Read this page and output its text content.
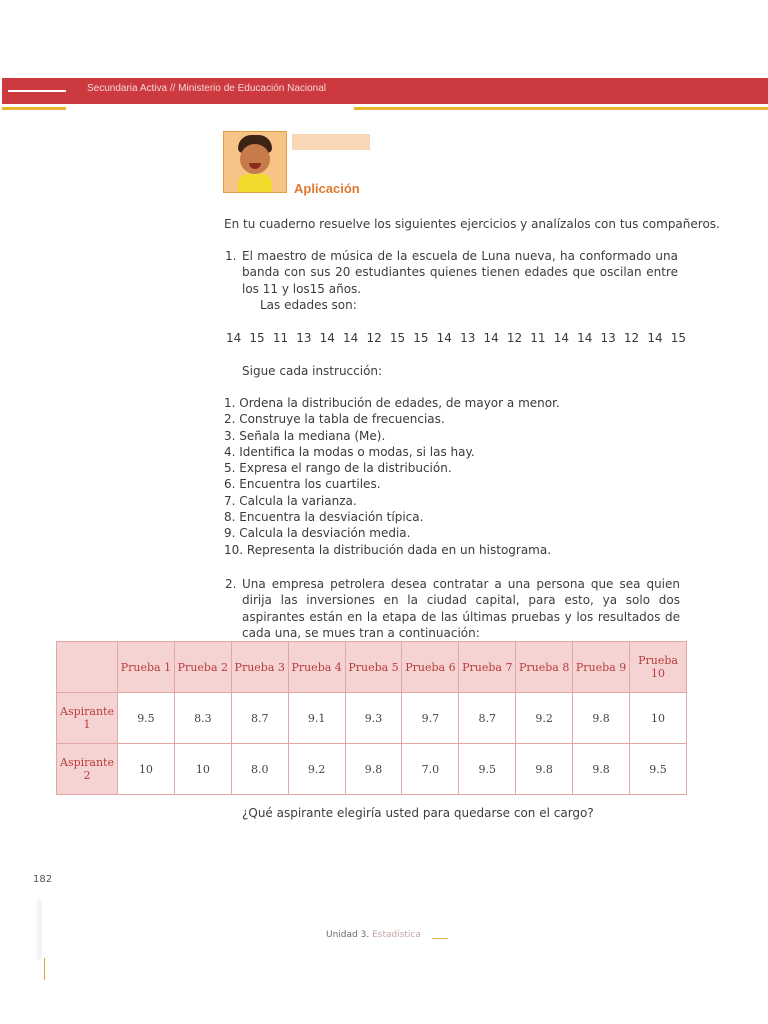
Secundaria Activa // Ministerio de Educación Nacional
Aplicación
En tu cuaderno resuelve los siguientes ejercicios y analízalos con tus compañeros.
1. El maestro de música de la escuela de Luna nueva, ha conformado una banda con sus 20 estudiantes quienes tienen edades que oscilan entre los 11 y los15 años.
Las edades son:
14 15 11 13 14 14 12 15 15 14 13 14 12 11 14 14 13 12 14 15
Sigue cada instrucción:
1. Ordena la distribución de edades, de mayor a menor.
2. Construye la tabla de frecuencias.
3. Señala la mediana (Me).
4. Identifica la modas o modas, si las hay.
5. Expresa el rango de la distribución.
6. Encuentra los cuartiles.
7. Calcula la varianza.
8. Encuentra la desviación típica.
9. Calcula la desviación media.
10. Representa la distribución dada en un histograma.
2. Una empresa petrolera desea contratar a una persona que sea quien dirija las inversiones en la ciudad capital, para esto, ya solo dos aspirantes están en la etapa de las últimas pruebas y los resultados de cada una, se mues tran a continuación:
	Prueba 1	Prueba 2	Prueba 3	Prueba 4	Prueba 5	Prueba 6	Prueba 7	Prueba 8	Prueba 9	Prueba 10
Aspirante 1	9.5	8.3	8.7	9.1	9.3	9.7	8.7	9.2	9.8	10
Aspirante 2	10	10	8.0	9.2	9.8	7.0	9.5	9.8	9.8	9.5
¿Qué aspirante elegiría usted para quedarse con el cargo?
182
Unidad 3. Estadística
